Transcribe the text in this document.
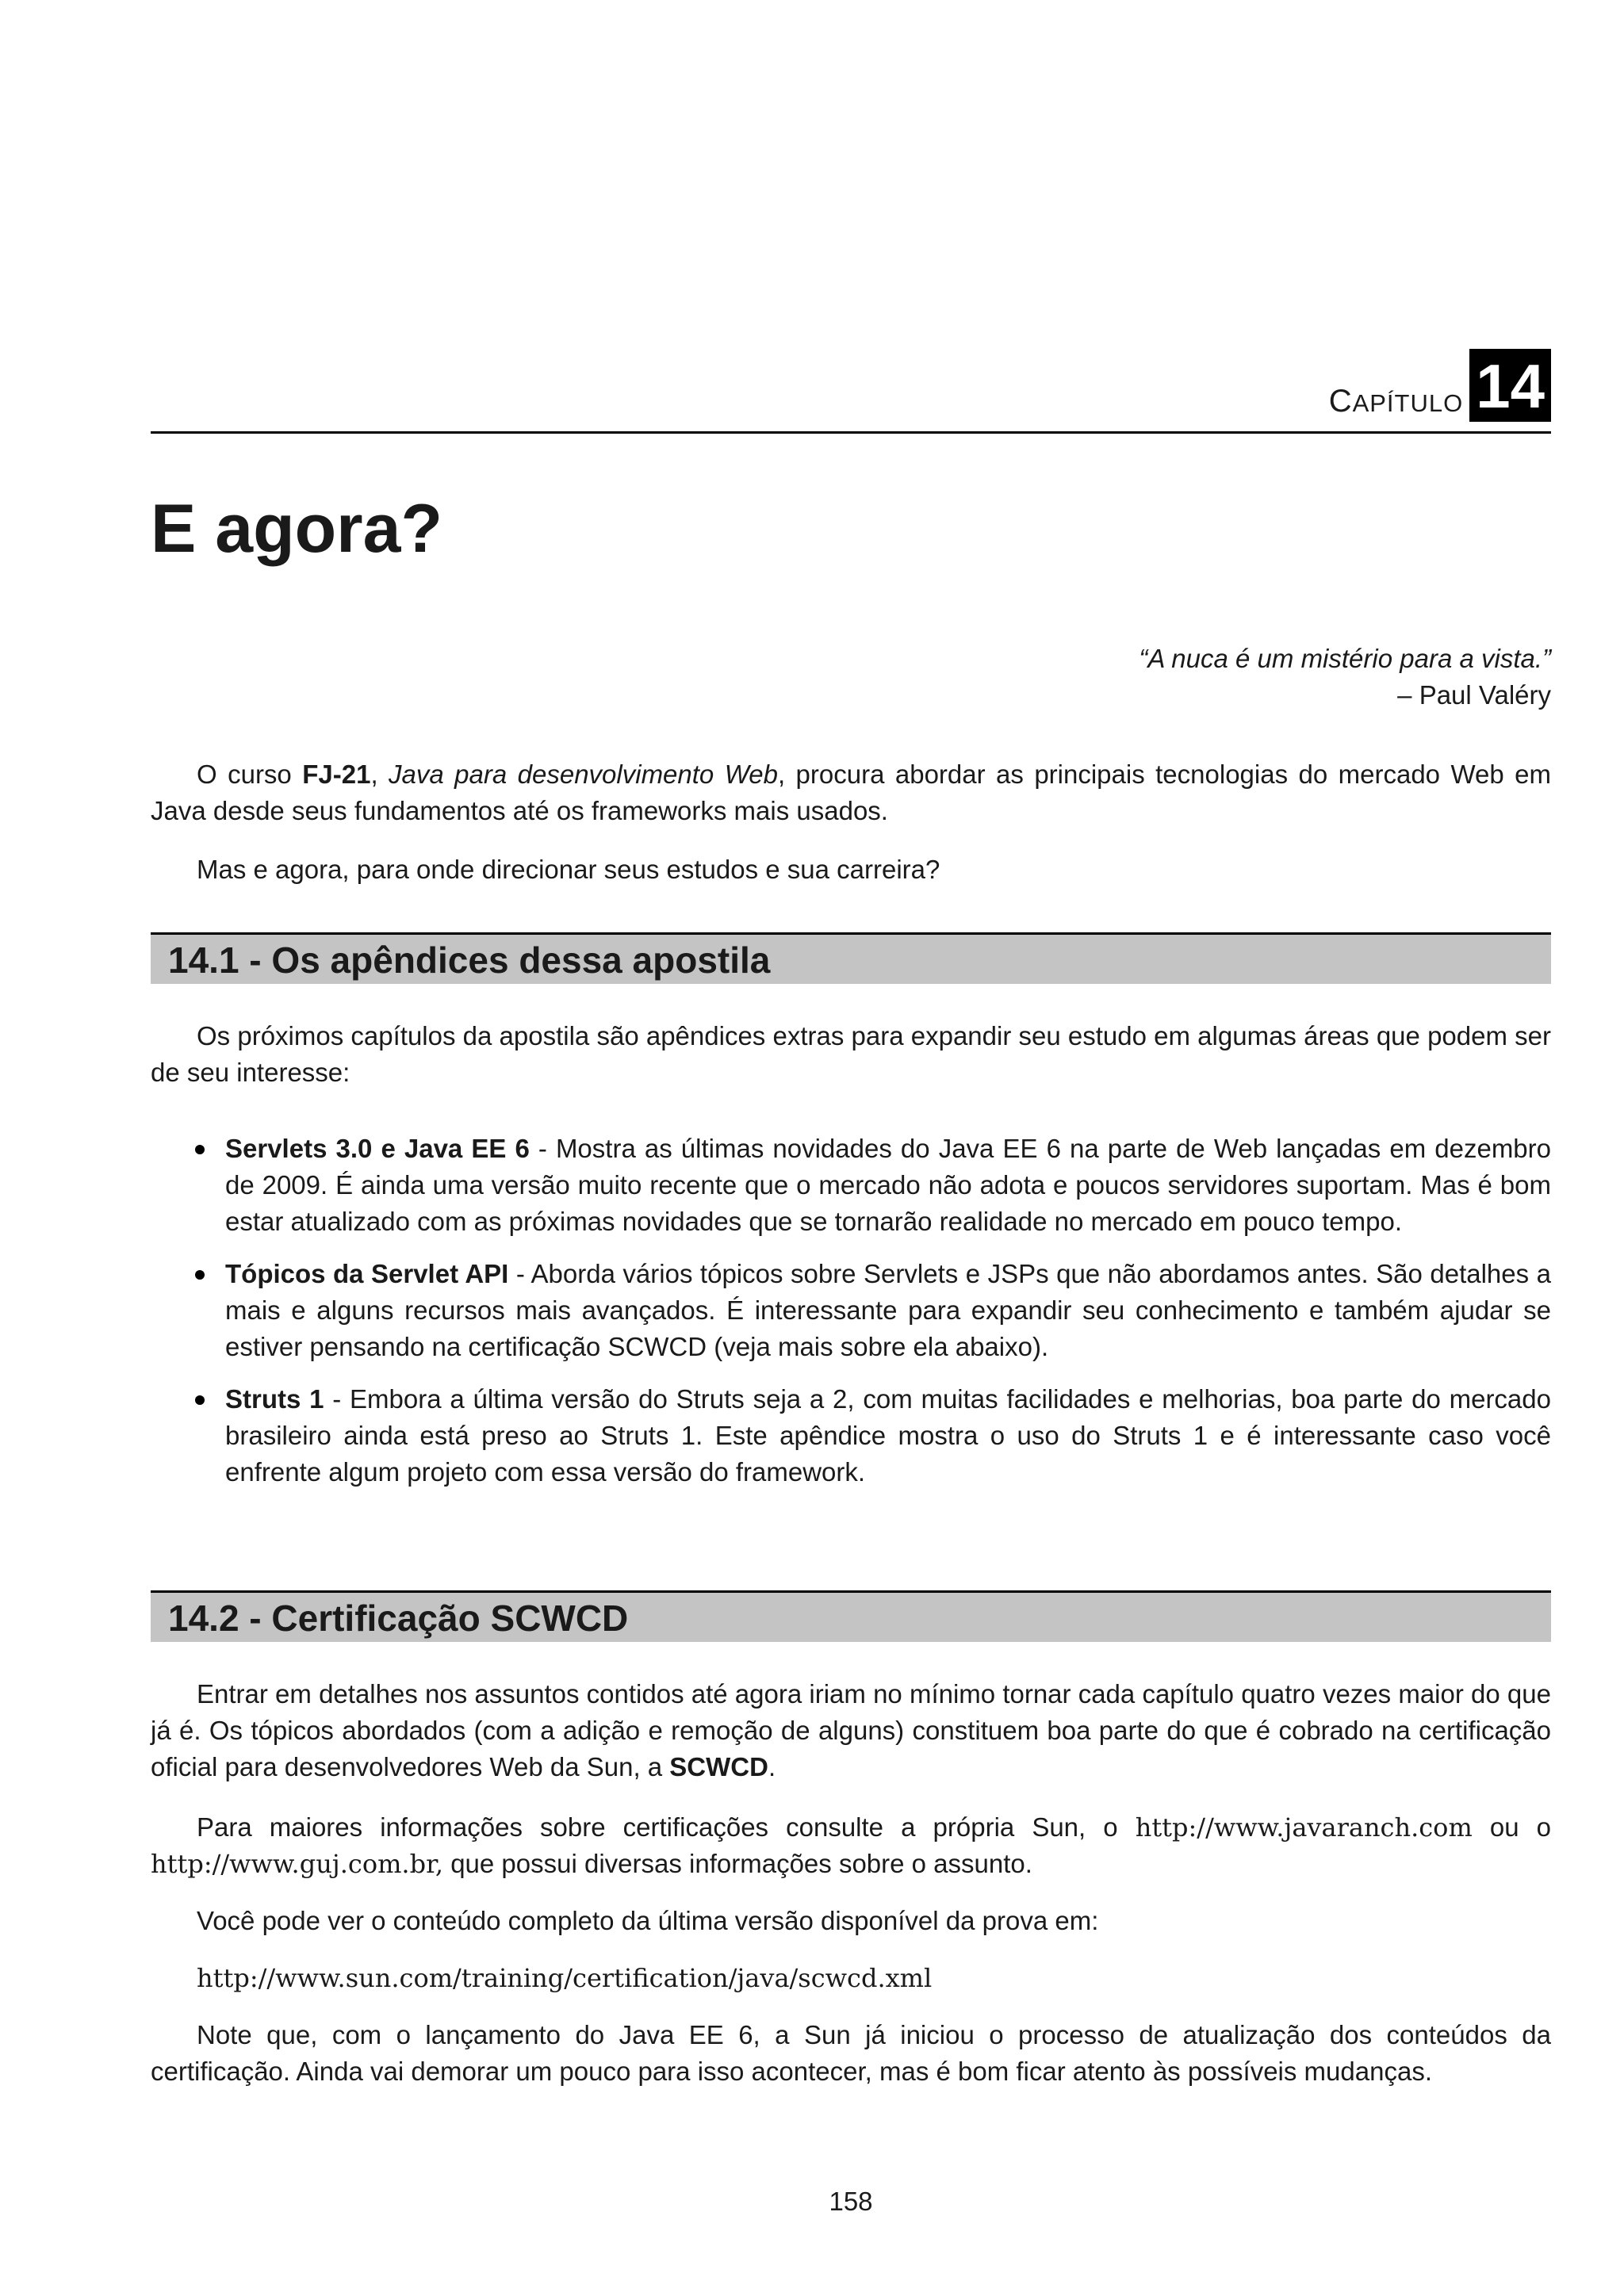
CAPÍTULO 14
E agora?
“A nuca é um mistério para a vista.”
– Paul Valéry

O curso FJ-21, Java para desenvolvimento Web, procura abordar as principais tecnologias do mercado Web em Java desde seus fundamentos até os frameworks mais usados.

Mas e agora, para onde direcionar seus estudos e sua carreira?

14.1 - Os apêndices dessa apostila

Os próximos capítulos da apostila são apêndices extras para expandir seu estudo em algumas áreas que podem ser de seu interesse:

Servlets 3.0 e Java EE 6 - Mostra as últimas novidades do Java EE 6 na parte de Web lançadas em dezembro de 2009. É ainda uma versão muito recente que o mercado não adota e poucos servidores suportam. Mas é bom estar atualizado com as próximas novidades que se tornarão realidade no mercado em pouco tempo.
Tópicos da Servlet API - Aborda vários tópicos sobre Servlets e JSPs que não abordamos antes. São detalhes a mais e alguns recursos mais avançados. É interessante para expandir seu conhecimento e também ajudar se estiver pensando na certificação SCWCD (veja mais sobre ela abaixo).
Struts 1 - Embora a última versão do Struts seja a 2, com muitas facilidades e melhorias, boa parte do mercado brasileiro ainda está preso ao Struts 1. Este apêndice mostra o uso do Struts 1 e é interessante caso você enfrente algum projeto com essa versão do framework.
14.2 - Certificação SCWCD

Entrar em detalhes nos assuntos contidos até agora iriam no mínimo tornar cada capítulo quatro vezes maior do que já é. Os tópicos abordados (com a adição e remoção de alguns) constituem boa parte do que é cobrado na certificação oficial para desenvolvedores Web da Sun, a SCWCD.

Para maiores informações sobre certificações consulte a própria Sun, o http://www.javaranch.com ou o http://www.guj.com.br, que possui diversas informações sobre o assunto.

Você pode ver o conteúdo completo da última versão disponível da prova em:

http://www.sun.com/training/certification/java/scwcd.xml

Note que, com o lançamento do Java EE 6, a Sun já iniciou o processo de atualização dos conteúdos da certificação. Ainda vai demorar um pouco para isso acontecer, mas é bom ficar atento às possíveis mudanças.

158
